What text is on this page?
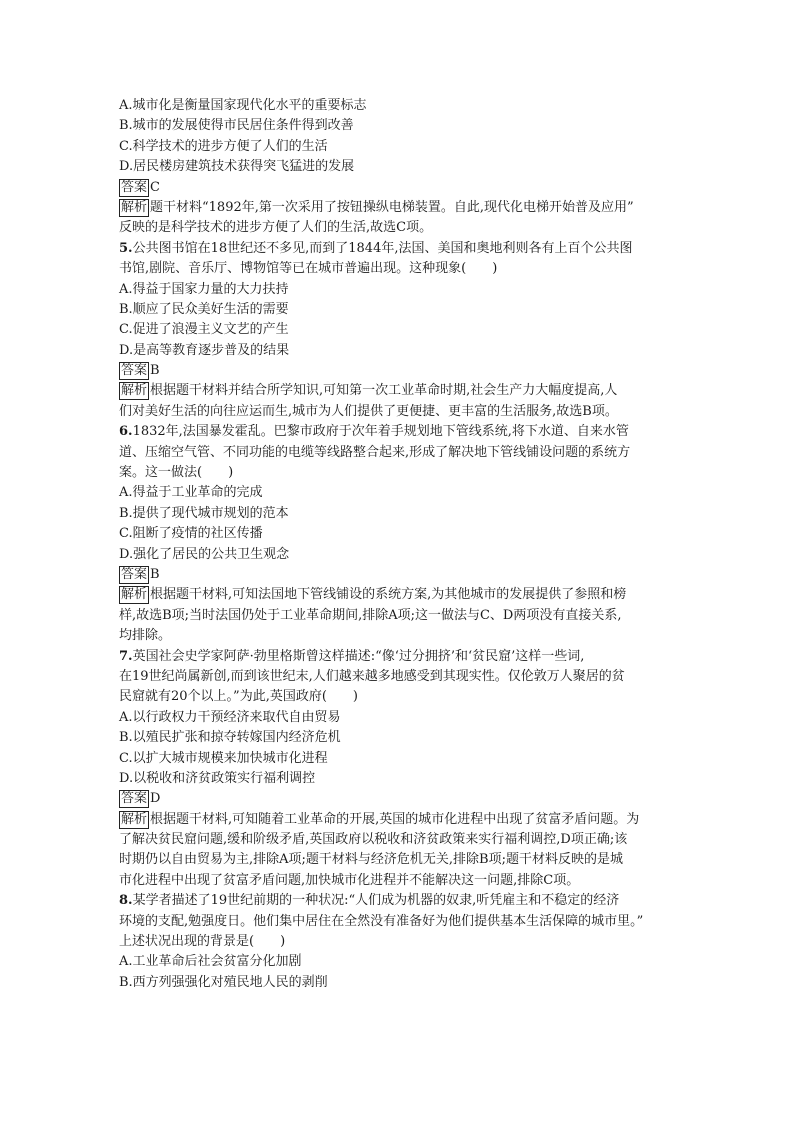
A.城市化是衡量国家现代化水平的重要标志
B.城市的发展使得市民居住条件得到改善
C.科学技术的进步方便了人们的生活
D.居民楼房建筑技术获得突飞猛进的发展
答案 C
解析 题干材料“1892年,第一次采用了按钮操纵电梯装置。自此,现代化电梯开始普及应用”
反映的是科学技术的进步方便了人们的生活,故选C项。
5.公共图书馆在18世纪还不多见,而到了1844年,法国、美国和奥地利则各有上百个公共图
书馆,剧院、音乐厅、博物馆等已在城市普遍出现。这种现象(　　)
A.得益于国家力量的大力扶持
B.顺应了民众美好生活的需要
C.促进了浪漫主义文艺的产生
D.是高等教育逐步普及的结果
答案 B
解析 根据题干材料并结合所学知识,可知第一次工业革命时期,社会生产力大幅度提高,人
们对美好生活的向往应运而生,城市为人们提供了更便捷、更丰富的生活服务,故选B项。
6.1832年,法国暴发霍乱。巴黎市政府于次年着手规划地下管线系统,将下水道、自来水管
道、压缩空气管、不同功能的电缆等线路整合起来,形成了解决地下管线铺设问题的系统方
案。这一做法(　　)
A.得益于工业革命的完成
B.提供了现代城市规划的范本
C.阻断了疫情的社区传播
D.强化了居民的公共卫生观念
答案 B
解析 根据题干材料,可知法国地下管线铺设的系统方案,为其他城市的发展提供了参照和榜
样,故选B项;当时法国仍处于工业革命期间,排除A项;这一做法与C、D两项没有直接关系,
均排除。
7.英国社会史学家阿萨·勃里格斯曾这样描述:“像‘过分拥挤’和‘贫民窟’这样一些词,
在19世纪尚属新创,而到该世纪末,人们越来越多地感受到其现实性。仅伦敦万人聚居的贫
民窟就有20个以上。”为此,英国政府(　　)
A.以行政权力干预经济来取代自由贸易
B.以殖民扩张和掠夺转嫁国内经济危机
C.以扩大城市规模来加快城市化进程
D.以税收和济贫政策实行福利调控
答案 D
解析 根据题干材料,可知随着工业革命的开展,英国的城市化进程中出现了贫富矛盾问题。为
了解决贫民窟问题,缓和阶级矛盾,英国政府以税收和济贫政策来实行福利调控,D项正确;该
时期仍以自由贸易为主,排除A项;题干材料与经济危机无关,排除B项;题干材料反映的是城
市化进程中出现了贫富矛盾问题,加快城市化进程并不能解决这一问题,排除C项。
8.某学者描述了19世纪前期的一种状况:“人们成为机器的奴隶,听凭雇主和不稳定的经济
环境的支配,勉强度日。他们集中居住在全然没有准备好为他们提供基本生活保障的城市里。”
上述状况出现的背景是(　　)
A.工业革命后社会贫富分化加剧
B.西方列强强化对殖民地人民的剥削
